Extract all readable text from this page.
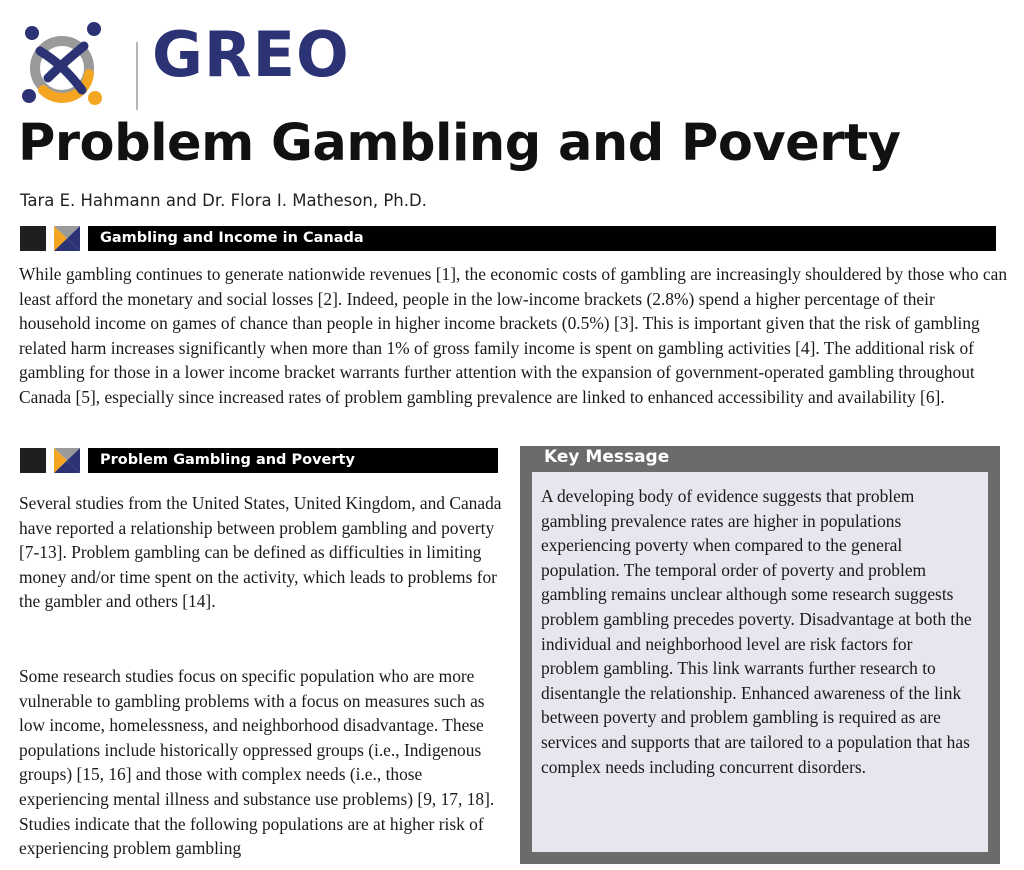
GREO
Problem Gambling and Poverty
Tara E. Hahmann and Dr. Flora I. Matheson, Ph.D.
Gambling and Income in Canada

While gambling continues to generate nationwide revenues [1], the economic costs of gambling are increasingly shouldered by those who can least afford the monetary and social losses [2]. Indeed, people in the low-income brackets (2.8%) spend a higher percentage of their household income on games of chance than people in higher income brackets (0.5%) [3]. This is important given that the risk of gambling related harm increases significantly when more than 1% of gross family income is spent on gambling activities [4]. The additional risk of gambling for those in a lower income bracket warrants further attention with the expansion of government-operated gambling throughout Canada [5], especially since increased rates of problem gambling prevalence are linked to enhanced accessibility and availability [6].

Problem Gambling and Poverty

Several studies from the United States, United Kingdom, and Canada have reported a relationship between problem gambling and poverty [7-13]. Problem gambling can be defined as difficulties in limiting money and/or time spent on the activity, which leads to problems for the gambler and others [14].

Some research studies focus on specific population who are more vulnerable to gambling problems with a focus on measures such as low income, homelessness, and neighborhood disadvantage. These populations include historically oppressed groups (i.e., Indigenous groups) [15, 16] and those with complex needs (i.e., those experiencing mental illness and substance use problems) [9, 17, 18]. Studies indicate that the following populations are at higher risk of experiencing problem gambling

Key Message

A developing body of evidence suggests that problem gambling prevalence rates are higher in populations experiencing poverty when compared to the general population. The temporal order of poverty and problem gambling remains unclear although some research suggests problem gambling precedes poverty. Disadvantage at both the individual and neighborhood level are risk factors for problem gambling. This link warrants further research to disentangle the relationship. Enhanced awareness of the link between poverty and problem gambling is required as are services and supports that are tailored to a population that has complex needs including concurrent disorders.
